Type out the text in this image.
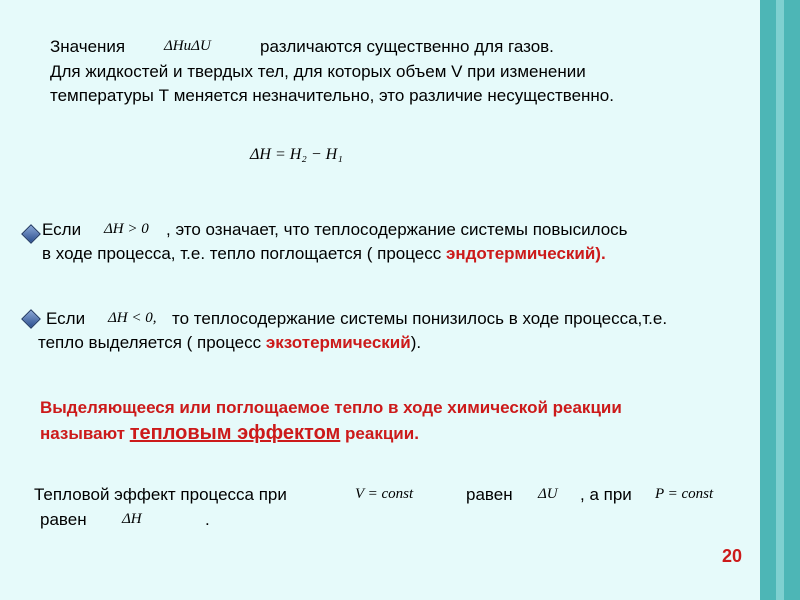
Значения	ΔHиΔU	различаются существенно для газов.
Для жидкостей и твердых тел, для которых объем V при изменении
температуры Т меняется незначительно, это различие несущественно.
ΔH = H₂ − H₁
Если ΔH > 0 , это означает, что теплосодержание системы повысилось
в ходе процесса, т.е. тепло поглощается ( процесс эндотермический).
Если ΔH < 0, то теплосодержание системы понизилось в ходе процесса,т.е.
тепло выделяется ( процесс экзотермический).
Выделяющееся или поглощаемое тепло в ходе химической реакции
называют тепловым эффектом реакции.
Тепловой эффект процесса при	V = const	равен ΔU , а при P = const
равен ΔH	.
20
